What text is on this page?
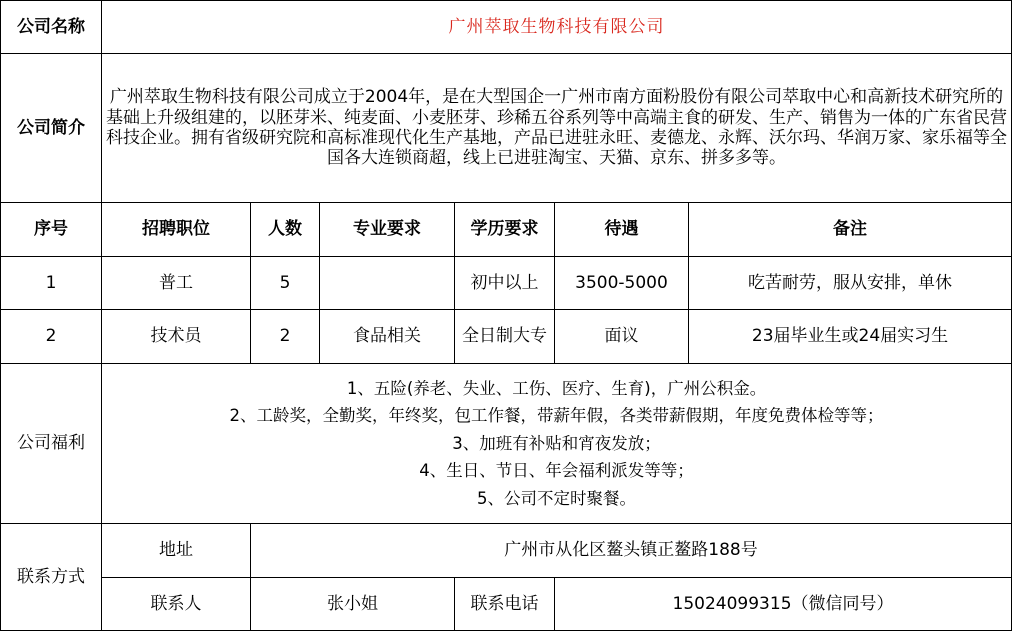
公司名称	广州萃取生物科技有限公司					
公司简介	广州萃取生物科技有限公司成立于2004年，是在大型国企一广州市南方面粉股份有限公司萃取中心和高新技术研究所的基础上升级组建的，以胚芽米、纯麦面、小麦胚芽、珍稀五谷系列等中高端主食的研发、生产、销售为一体的广东省民营科技企业。拥有省级研究院和高标准现代化生产基地，产品已进驻永旺、麦德龙、永辉、沃尔玛、华润万家、家乐福等全国各大连锁商超，线上已进驻淘宝、天猫、京东、拼多多等。					
序号	招聘职位	人数	专业要求	学历要求	待遇	备注
1	普工	5		初中以上	3500-5000	吃苦耐劳，服从安排，单休
2	技术员	2	食品相关	全日制大专	面议	23届毕业生或24届实习生
公司福利	1、五险(养老、失业、工伤、医疗、生育)，广州公积金。
2、工龄奖，全勤奖，年终奖，包工作餐，带薪年假，各类带薪假期，年度免费体检等等；
3、加班有补贴和宵夜发放；
4、生日、节日、年会福利派发等等；
5、公司不定时聚餐。					

联系方式	地址	广州市从化区鳌头镇正鳌路188号				
	联系人	张小姐		联系电话	15024099315（微信同号）	
